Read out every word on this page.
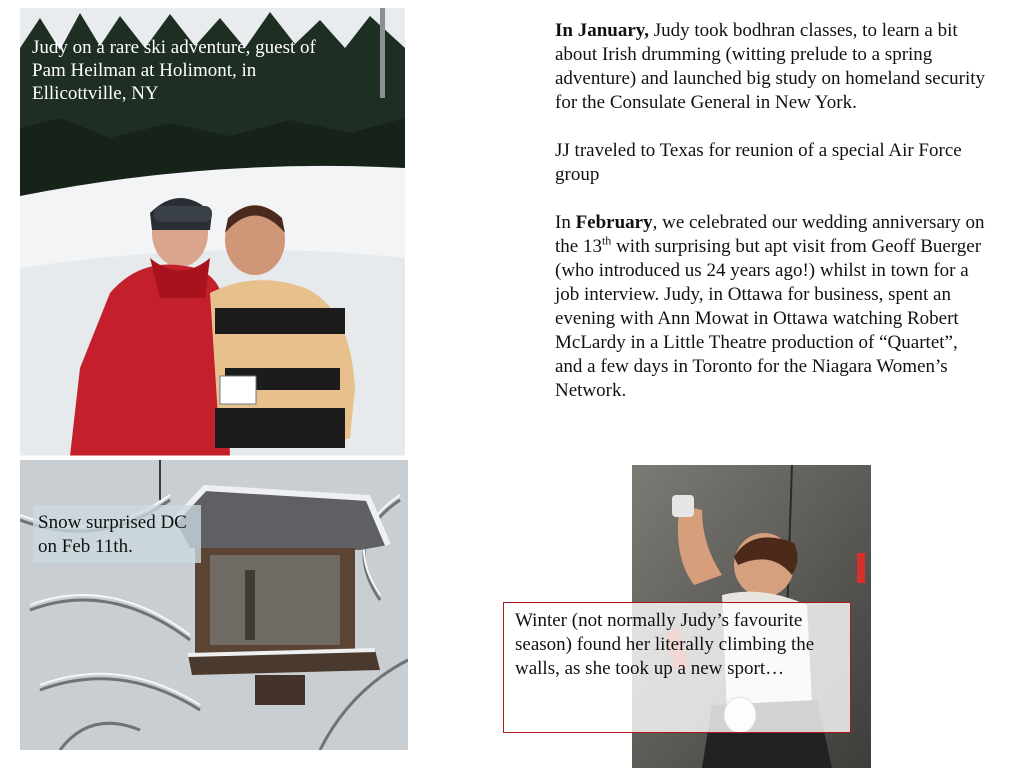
Judy on a rare ski adventure, guest of Pam Heilman at Holimont, in Ellicottville, NY
Snow surprised DC on Feb 11th.

In January, Judy took bodhran classes, to learn a bit about Irish drumming (witting prelude to a spring adventure) and launched big study on homeland security for the Consulate General in New York.

JJ traveled to Texas for reunion of a special Air Force group

In February, we celebrated our wedding anniversary on the 13th with surprising but apt visit from Geoff Buerger (who introduced us 24 years ago!) whilst in town for a job interview. Judy, in Ottawa for business, spent an evening with Ann Mowat in Ottawa watching Robert McLardy in a Little Theatre production of “Quartet”, and a few days in Toronto for the Niagara Women’s Network.

Winter (not normally Judy’s favourite season) found her literally climbing the walls, as she took up a new sport…
